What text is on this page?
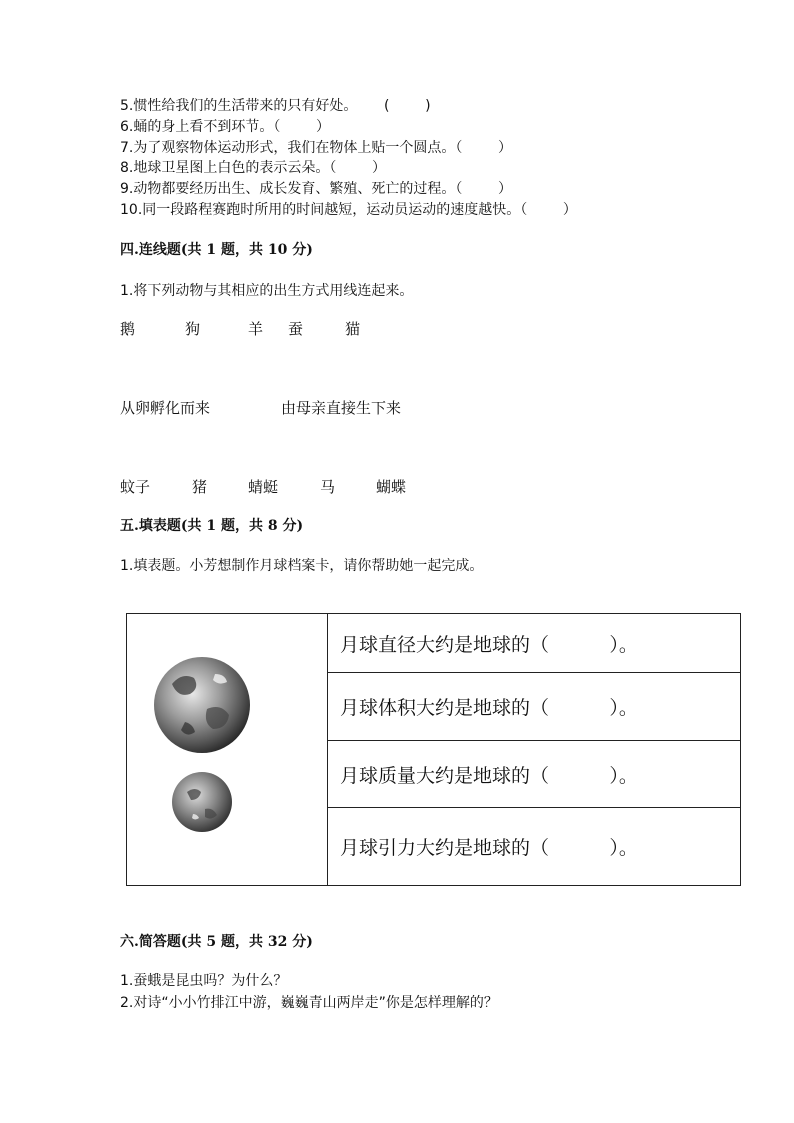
5.惯性给我们的生活带来的只有好处。      (        )
6.蛹的身上看不到环节。（        ）
7.为了观察物体运动形式，我们在物体上贴一个圆点。（        ）
8.地球卫星图上白色的表示云朵。（        ）
9.动物都要经历出生、成长发育、繁殖、死亡的过程。（        ）
10.同一段路程赛跑时所用的时间越短，运动员运动的速度越快。（        ）
四.连线题(共 1 题，共 10 分)
1.将下列动物与其相应的出生方式用线连起来。
鹅	狗	羊 蚕	猫
从卵孵化而来	由母亲直接生下来
蚊子	猪	蜻蜓	马	蝴蝶
五.填表题(共 1 题，共 8 分)
1.填表题。小芳想制作月球档案卡，请你帮助她一起完成。
	月球直径大约是地球的（          ）。
月球体积大约是地球的（          ）。
月球质量大约是地球的（          ）。
月球引力大约是地球的（          ）。
六.简答题(共 5 题，共 32 分)
1.蚕蛾是昆虫吗？为什么？
2.对诗“小小竹排江中游，巍巍青山两岸走”你是怎样理解的？
